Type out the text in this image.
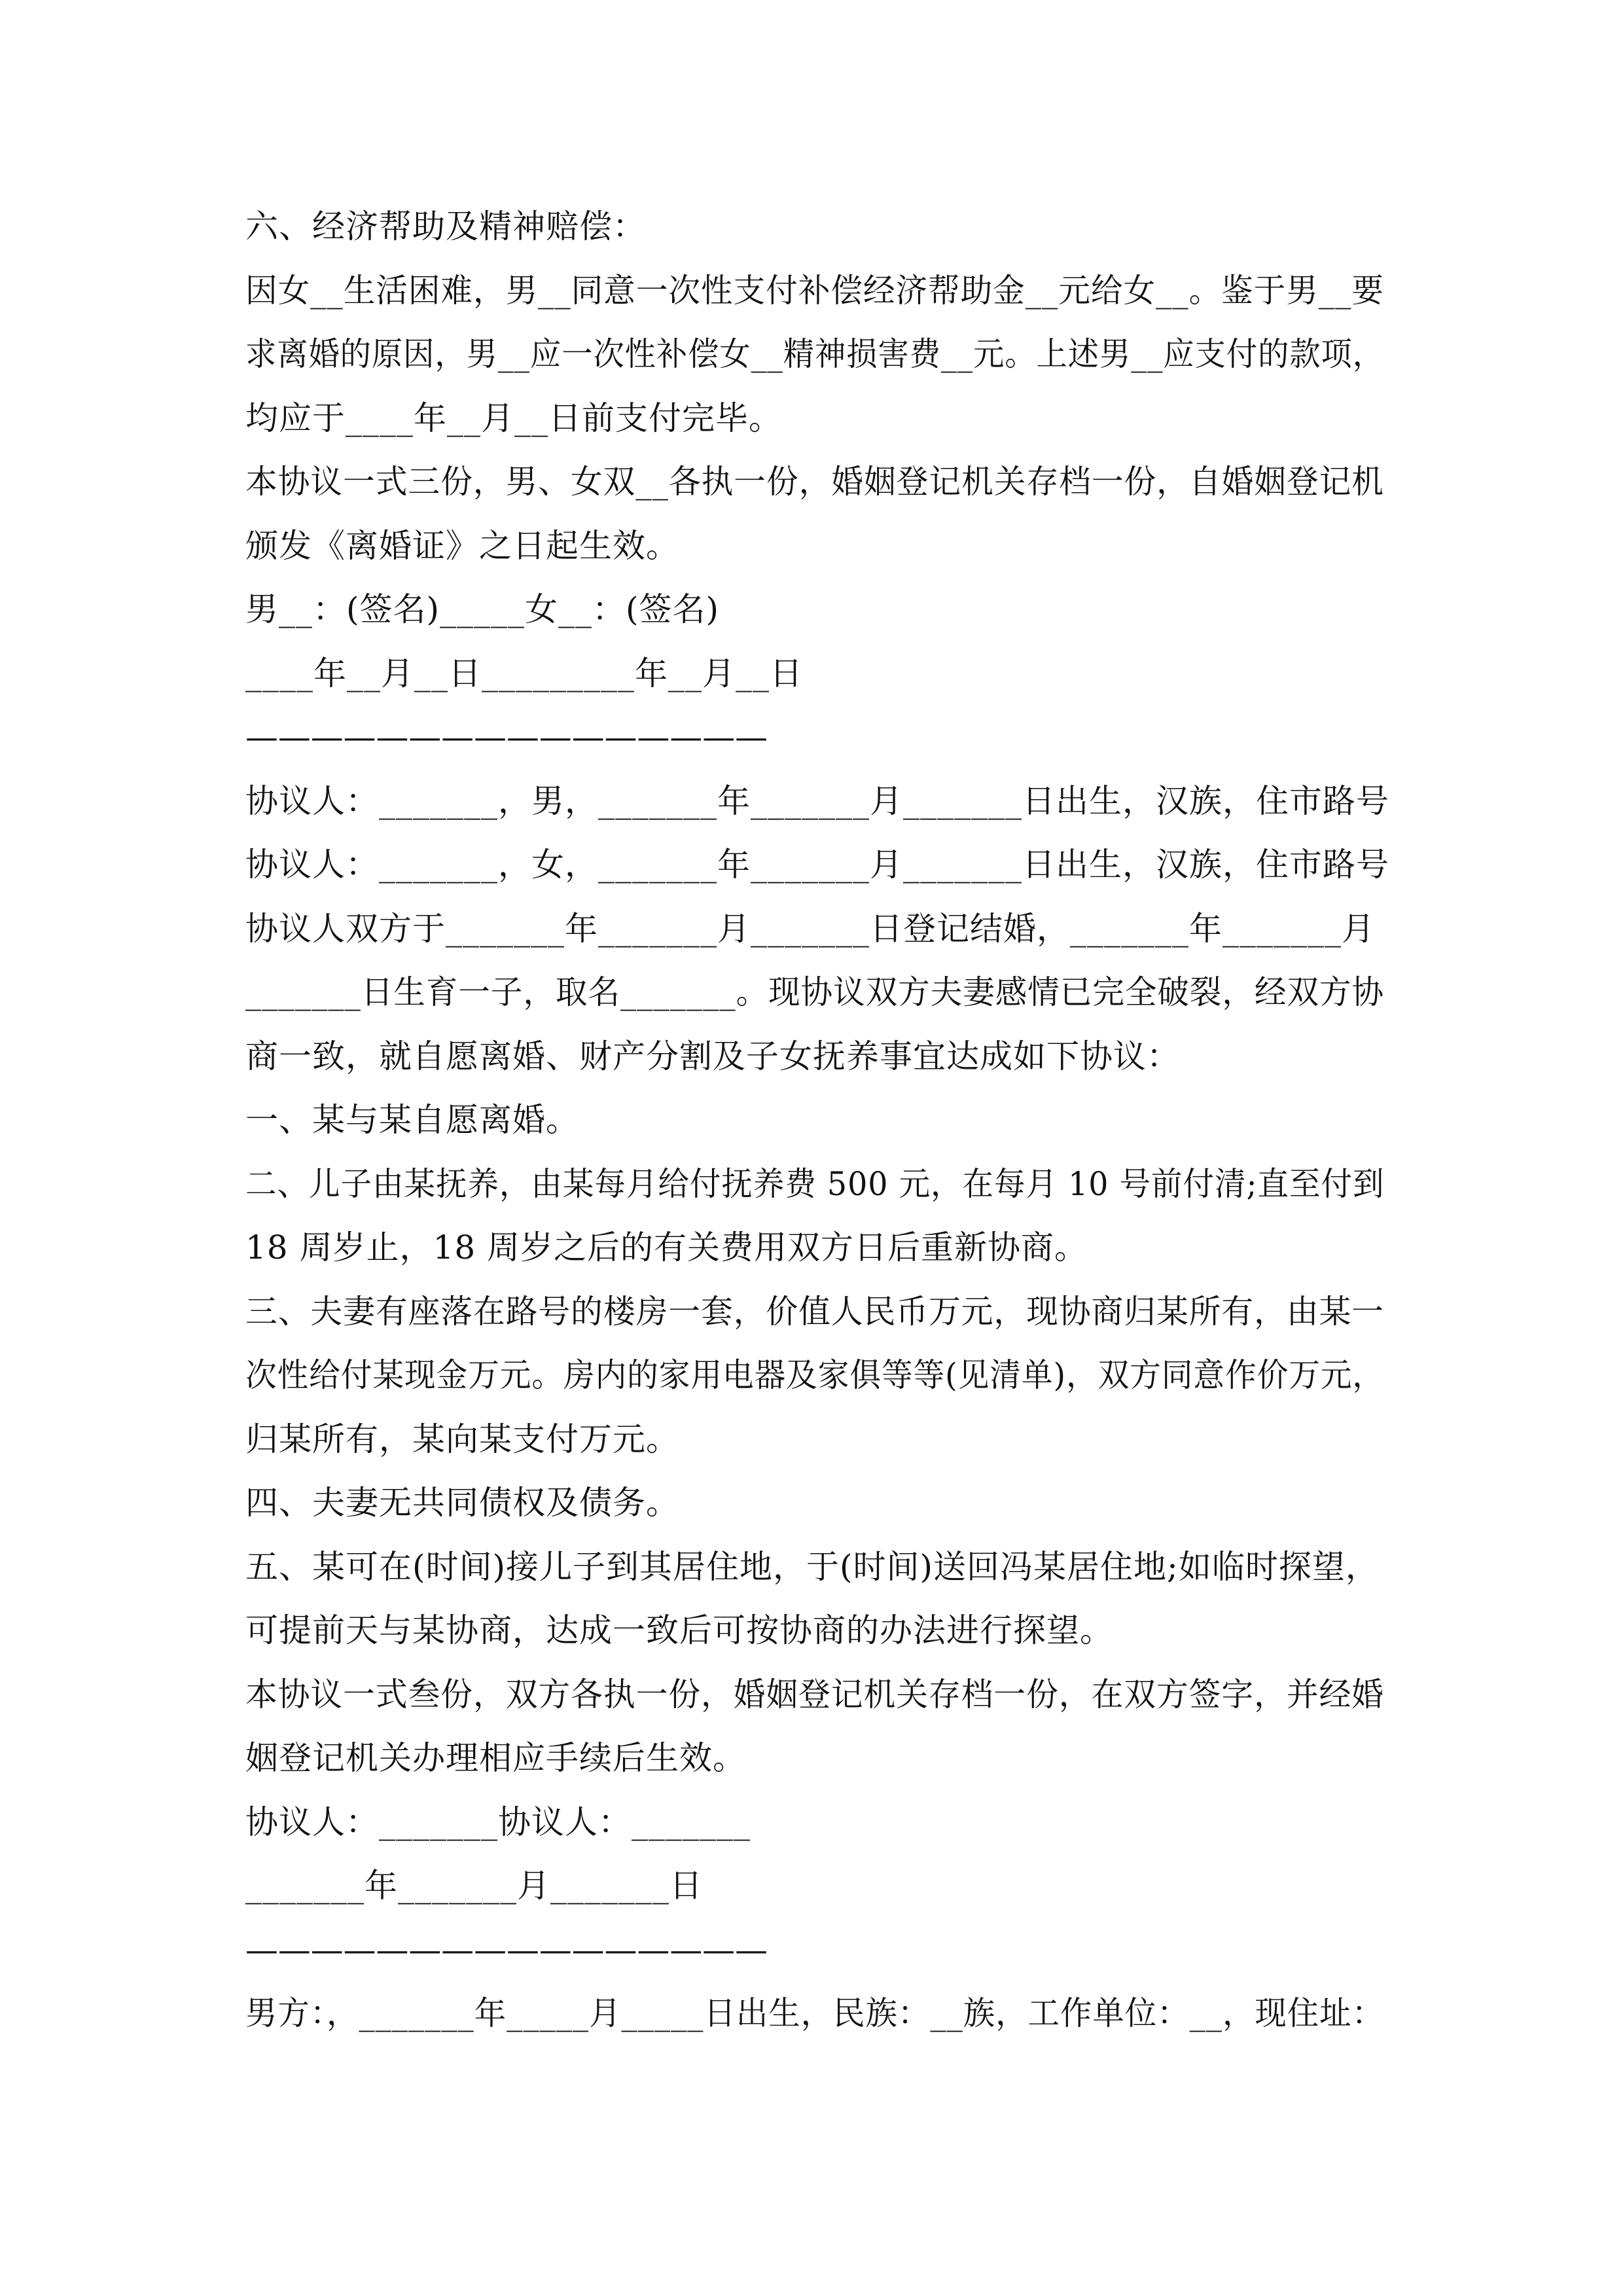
六、经济帮助及精神赔偿：
因女__生活困难，男__同意一次性支付补偿经济帮助金__元给女__。鉴于男__要
求离婚的原因，男__应一次性补偿女__精神损害费__元。上述男__应支付的款项，
均应于____年__月__日前支付完毕。
本协议一式三份，男、女双__各执一份，婚姻登记机关存档一份，自婚姻登记机
颁发《离婚证》之日起生效。
男__：(签名)_____女__：(签名)
____年__月__日_________年__月__日
————————————————
协议人：_______，男，_______年_______月_______日出生，汉族，住市路号
协议人：_______，女，_______年_______月_______日出生，汉族，住市路号
协议人双方于_______年_______月_______日登记结婚，_______年_______月
_______日生育一子，取名_______。现协议双方夫妻感情已完全破裂，经双方协
商一致，就自愿离婚、财产分割及子女抚养事宜达成如下协议：
一、某与某自愿离婚。
二、儿子由某抚养，由某每月给付抚养费 500 元，在每月 10 号前付清;直至付到
18 周岁止，18 周岁之后的有关费用双方日后重新协商。
三、夫妻有座落在路号的楼房一套，价值人民币万元，现协商归某所有，由某一
次性给付某现金万元。房内的家用电器及家俱等等(见清单)，双方同意作价万元，
归某所有，某向某支付万元。
四、夫妻无共同债权及债务。
五、某可在(时间)接儿子到其居住地，于(时间)送回冯某居住地;如临时探望，
可提前天与某协商，达成一致后可按协商的办法进行探望。
本协议一式叁份，双方各执一份，婚姻登记机关存档一份，在双方签字，并经婚
姻登记机关办理相应手续后生效。
协议人：_______协议人：_______
_______年_______月_______日
————————————————
男方：，_______年_____月_____日出生，民族：__族，工作单位：__，现住址：
